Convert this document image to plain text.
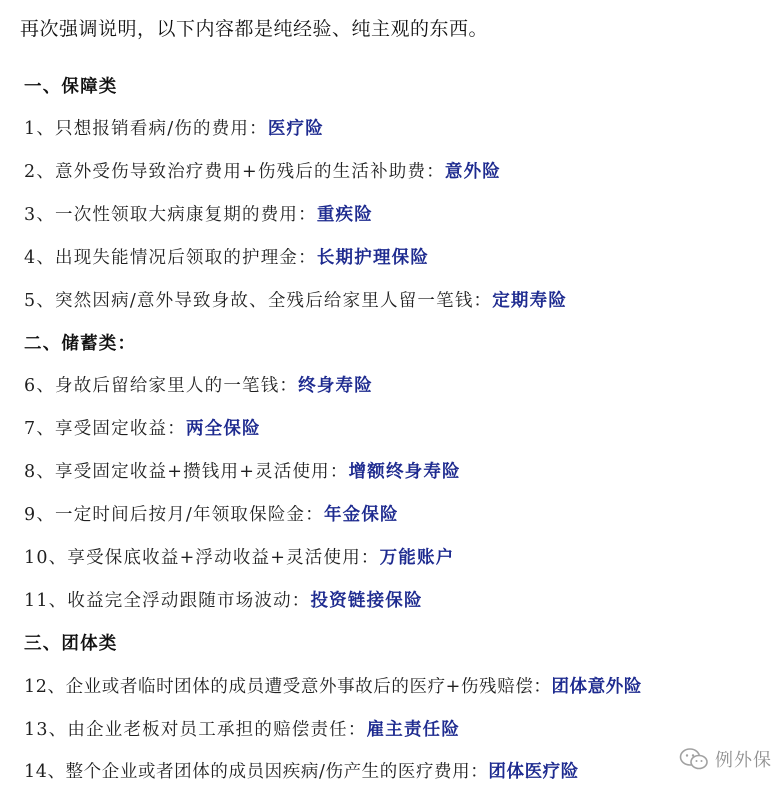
再次强调说明，以下内容都是纯经验、纯主观的东西。
一、保障类
1、只想报销看病/伤的费用：医疗险
2、意外受伤导致治疗费用+伤残后的生活补助费：意外险
3、一次性领取大病康复期的费用：重疾险
4、出现失能情况后领取的护理金：长期护理保险
5、突然因病/意外导致身故、全残后给家里人留一笔钱：定期寿险
二、储蓄类：
6、身故后留给家里人的一笔钱：终身寿险
7、享受固定收益：两全保险
8、享受固定收益+攒钱用+灵活使用：增额终身寿险
9、一定时间后按月/年领取保险金：年金保险
10、享受保底收益+浮动收益+灵活使用：万能账户
11、收益完全浮动跟随市场波动：投资链接保险
三、团体类
12、企业或者临时团体的成员遭受意外事故后的医疗+伤残赔偿：团体意外险
13、由企业老板对员工承担的赔偿责任：雇主责任险
14、整个企业或者团体的成员因疾病/伤产生的医疗费用：团体医疗险
例外保
